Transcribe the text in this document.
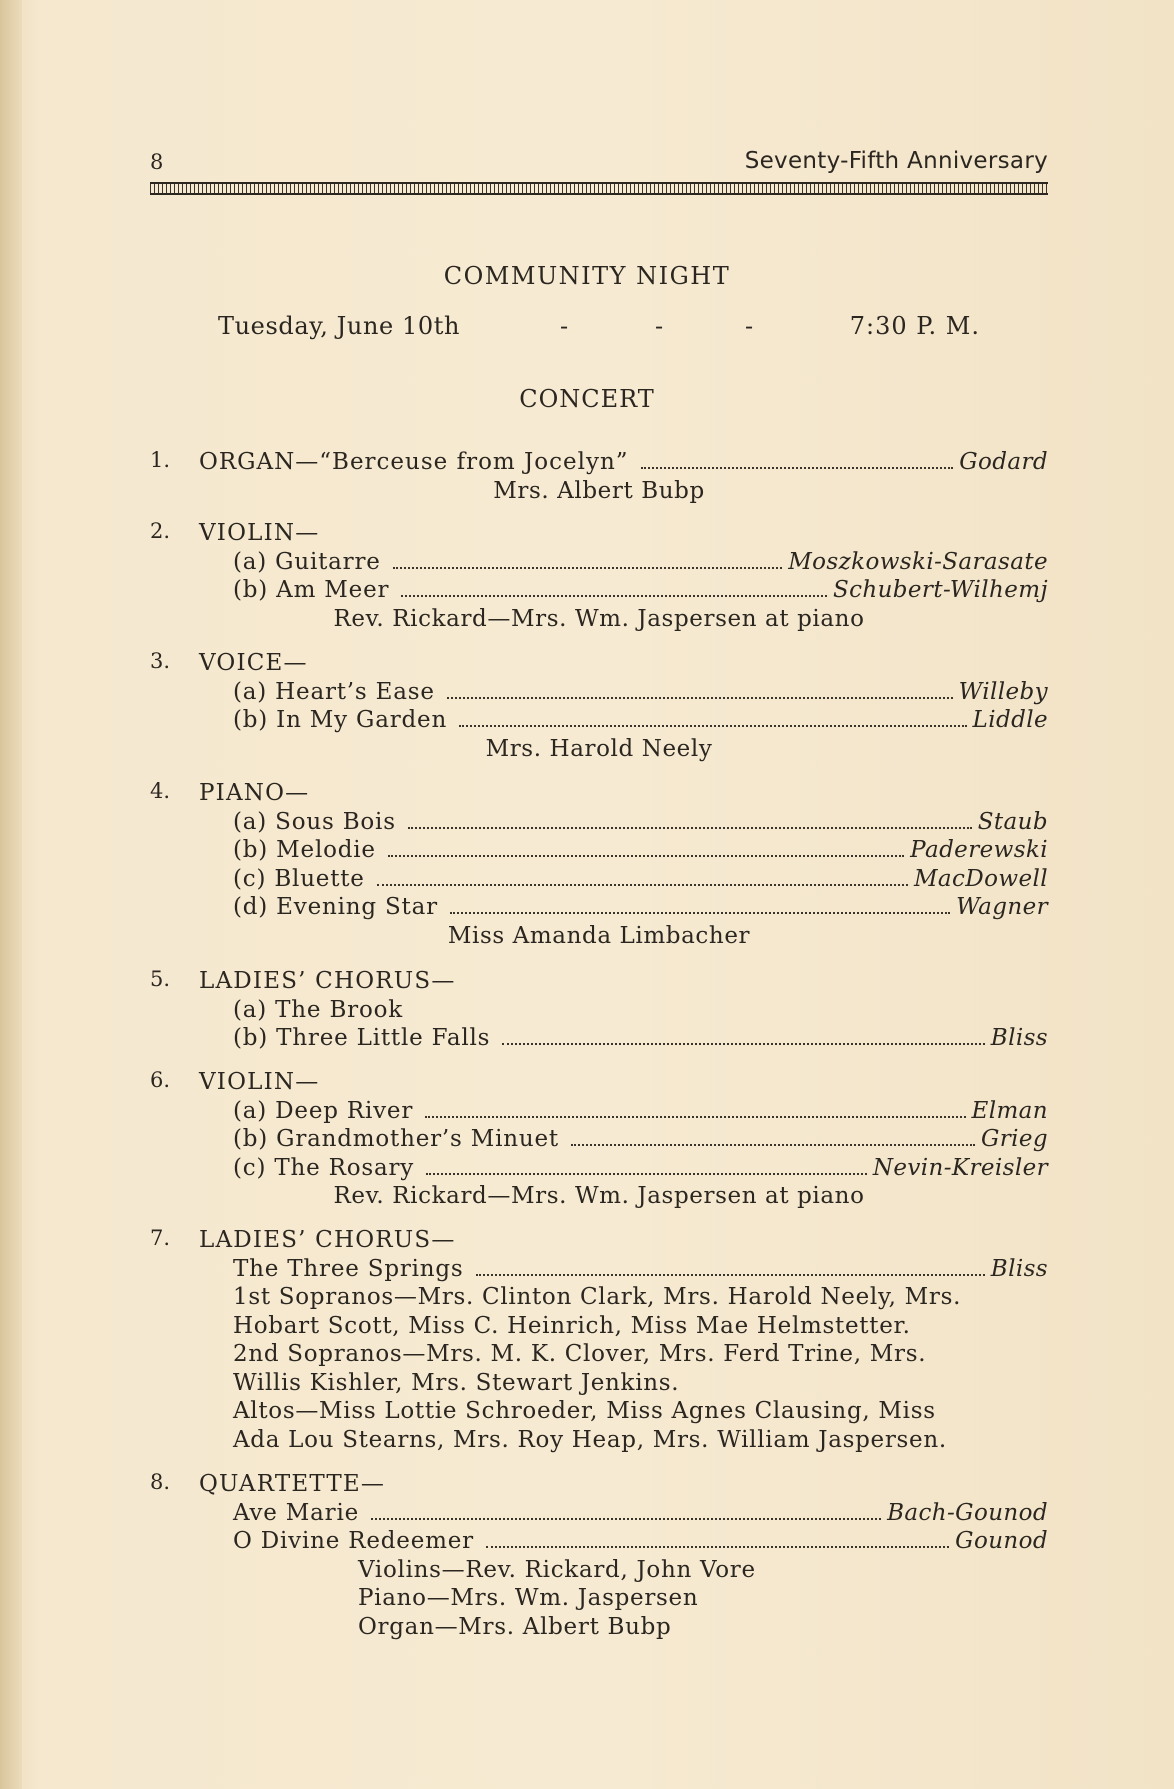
8	Seventy-Fifth Anniversary
COMMUNITY NIGHT
Tuesday, June 10th	-	-	-	7:30 P. M.
CONCERT
1. ORGAN—“Berceuse from Jocelyn”	Godard
Mrs. Albert Bubp
2. VIOLIN—
(a) Guitarre	Moszkowski-Sarasate
(b) Am Meer	Schubert-Wilhemj
Rev. Rickard—Mrs. Wm. Jaspersen at piano
3. VOICE—
(a) Heart’s Ease	Willeby
(b) In My Garden	Liddle
Mrs. Harold Neely
4. PIANO—
(a) Sous Bois	Staub
(b) Melodie	Paderewski
(c) Bluette	MacDowell
(d) Evening Star	Wagner
Miss Amanda Limbacher
5. LADIES’ CHORUS—
(a) The Brook
(b) Three Little Falls	Bliss
6. VIOLIN—
(a) Deep River	Elman
(b) Grandmother’s Minuet	Grieg
(c) The Rosary	Nevin-Kreisler
Rev. Rickard—Mrs. Wm. Jaspersen at piano
7. LADIES’ CHORUS—
The Three Springs	Bliss
1st Sopranos—Mrs. Clinton Clark, Mrs. Harold Neely, Mrs.
Hobart Scott, Miss C. Heinrich, Miss Mae Helmstetter.
2nd Sopranos—Mrs. M. K. Clover, Mrs. Ferd Trine, Mrs.
Willis Kishler, Mrs. Stewart Jenkins.
Altos—Miss Lottie Schroeder, Miss Agnes Clausing, Miss
Ada Lou Stearns, Mrs. Roy Heap, Mrs. William Jaspersen.
8. QUARTETTE—
Ave Marie	Bach-Gounod
O Divine Redeemer	Gounod
Violins—Rev. Rickard, John Vore
Piano—Mrs. Wm. Jaspersen
Organ—Mrs. Albert Bubp
